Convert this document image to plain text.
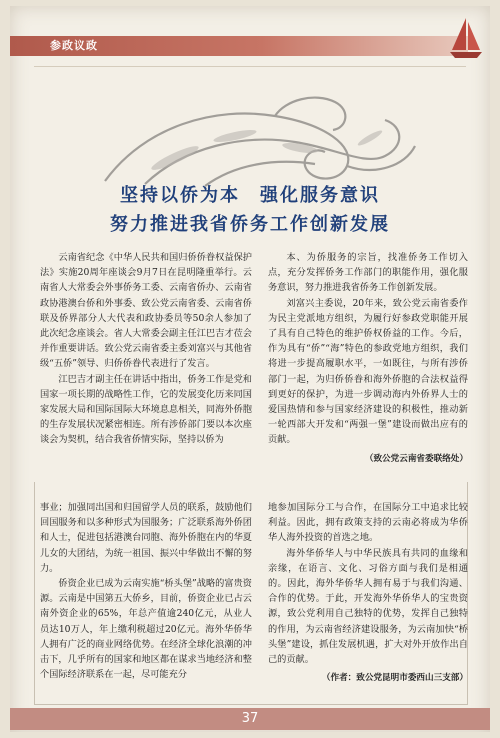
参政议政
坚持以侨为本　强化服务意识
努力推进我省侨务工作创新发展

云南省纪念《中华人民共和国归侨侨眷权益保护法》实施20周年座谈会9月7日在昆明隆重举行。云南省人大常委会外事侨务工委、云南省侨办、云南省政协港澳台侨和外事委、致公党云南省委、云南省侨联及侨界部分人大代表和政协委员等50余人参加了此次纪念座谈会。省人大常委会副主任江巴吉才莅会并作重要讲话。致公党云南省委主委刘富兴与其他省级“五侨”领导、归侨侨眷代表进行了发言。

江巴吉才副主任在讲话中指出，侨务工作是党和国家一项长期的战略性工作，它的发展变化历来同国家发展大局和国际国际大环境息息相关，同海外侨胞的生存发展状况紧密相连。所有涉侨部门要以本次座谈会为契机，结合我省侨情实际，坚持以侨为

本、为侨服务的宗旨，找准侨务工作切入点，充分发挥侨务工作部门的职能作用，强化服务意识，努力推进我省侨务工作创新发展。

刘富兴主委说，20年来，致公党云南省委作为民主党派地方组织，为履行好参政党职能开展了具有自己特色的维护侨权侨益的工作。今后，作为具有“侨”“海”特色的参政党地方组织，我们将进一步提高履职水平，一如既往，与所有涉侨部门一起，为归侨侨眷和海外侨胞的合法权益得到更好的保护，为进一步调动海内外侨界人士的爱国热情和参与国家经济建设的积极性，推动新一轮西部大开发和“两强一堡”建设而做出应有的贡献。

（致公党云南省委联络处）

事业；加强同出国和归国留学人员的联系，鼓励他们回国服务和以多种形式为国服务；广泛联系海外侨团和人士，促进包括港澳台同胞、海外侨胞在内的华夏儿女的大团结，为统一祖国、振兴中华做出不懈的努力。

侨资企业已成为云南实施“桥头堡”战略的富贵资源。云南是中国第五大侨乡，目前，侨资企业已占云南外资企业的65%，年总产值逾240亿元，从业人员达10万人，年上缴利税超过20亿元。海外华侨华人拥有广泛的商业网络优势。在经济全球化浪潮的冲击下，几乎所有的国家和地区都在谋求当地经济和整个国际经济联系在一起，尽可能充分

地参加国际分工与合作，在国际分工中追求比较利益。因此，拥有政策支持的云南必将成为华侨华人海外投资的首选之地。

海外华侨华人与中华民族具有共同的血缘和亲缘，在语言、文化、习俗方面与我们是相通的。因此，海外华侨华人拥有易于与我们沟通、合作的优势。于此，开发海外华侨华人的宝贵资源，致公党利用自己独特的优势，发挥自己独特的作用，为云南省经济建设服务，为云南加快“桥头堡”建设，抓住发展机遇，扩大对外开放作出自己的贡献。

（作者：致公党昆明市委西山三支部）

37
